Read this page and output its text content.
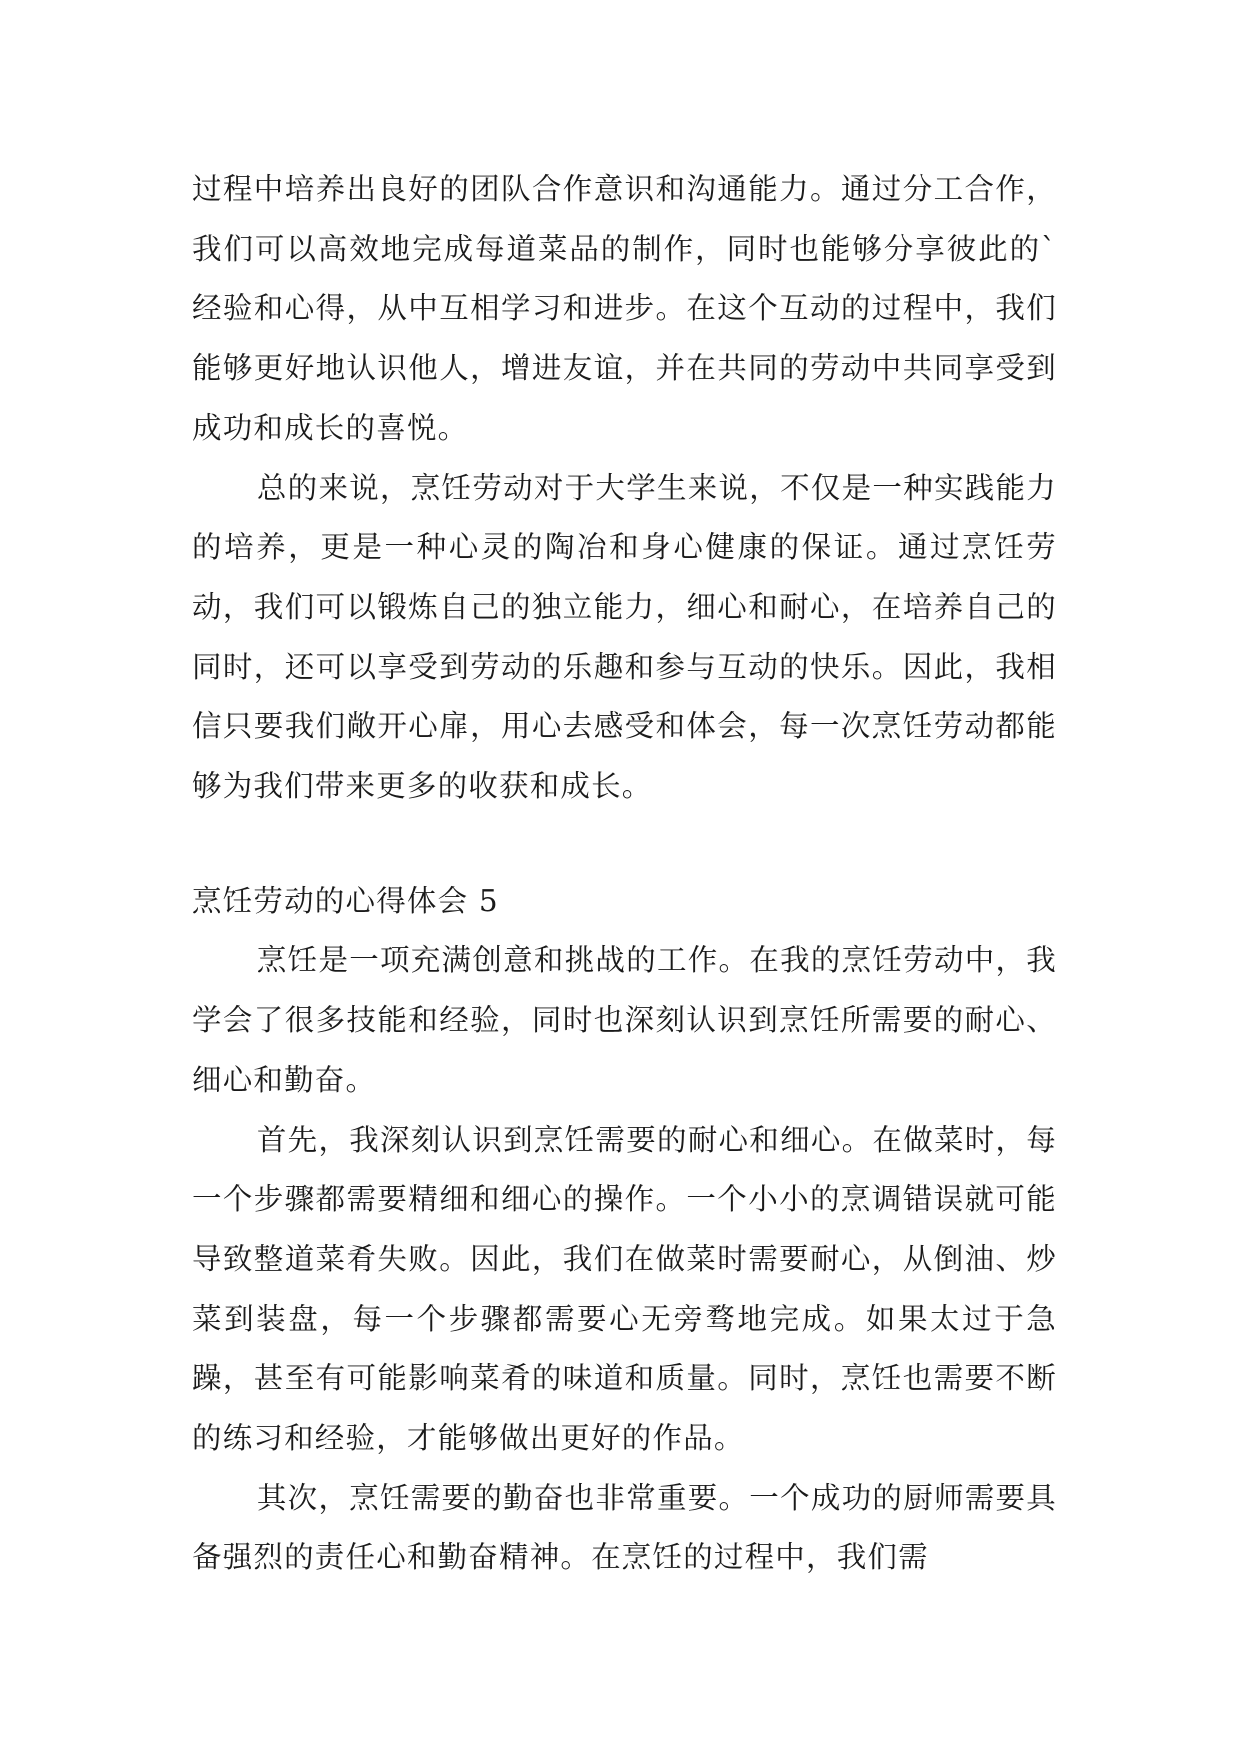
过程中培养出良好的团队合作意识和沟通能力。通过分工合作，我们可以高效地完成每道菜品的制作，同时也能够分享彼此的`经验和心得，从中互相学习和进步。在这个互动的过程中，我们能够更好地认识他人，增进友谊，并在共同的劳动中共同享受到成功和成长的喜悦。

总的来说，烹饪劳动对于大学生来说，不仅是一种实践能力的培养，更是一种心灵的陶冶和身心健康的保证。通过烹饪劳动，我们可以锻炼自己的独立能力，细心和耐心，在培养自己的同时，还可以享受到劳动的乐趣和参与互动的快乐。因此，我相信只要我们敞开心扉，用心去感受和体会，每一次烹饪劳动都能够为我们带来更多的收获和成长。

烹饪劳动的心得体会 5

烹饪是一项充满创意和挑战的工作。在我的烹饪劳动中，我学会了很多技能和经验，同时也深刻认识到烹饪所需要的耐心、细心和勤奋。

首先，我深刻认识到烹饪需要的耐心和细心。在做菜时，每一个步骤都需要精细和细心的操作。一个小小的烹调错误就可能导致整道菜肴失败。因此，我们在做菜时需要耐心，从倒油、炒菜到装盘，每一个步骤都需要心无旁骛地完成。如果太过于急躁，甚至有可能影响菜肴的味道和质量。同时，烹饪也需要不断的练习和经验，才能够做出更好的作品。

其次，烹饪需要的勤奋也非常重要。一个成功的厨师需要具备强烈的责任心和勤奋精神。在烹饪的过程中，我们需
